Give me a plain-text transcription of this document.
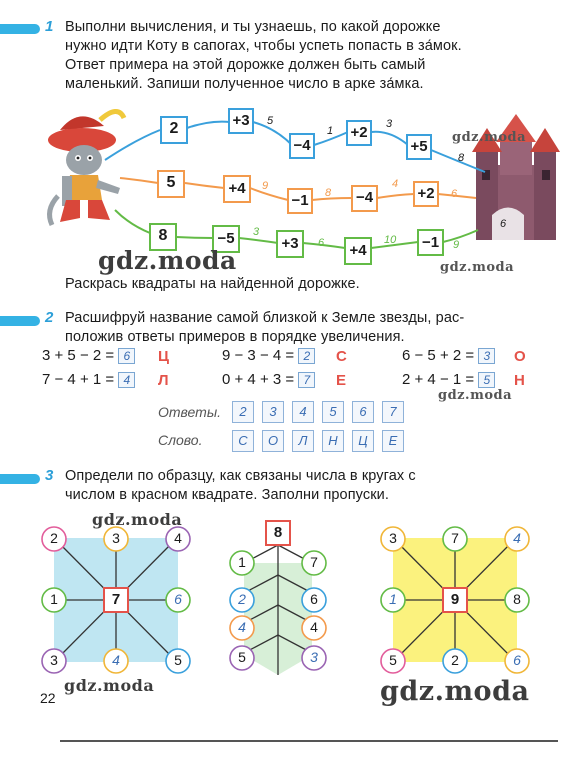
1 Выполни вычисления, и ты узнаешь, по какой дорожке
нужно идти Коту в сапогах, чтобы успеть попасть в за́мок.
Ответ примера на этой дорожке должен быть самый
маленький. Запиши полученное число в арке за́мка.
2	+3
−4
+2
+5
5
1
3
8
5	+4
−1	−4	+2
9
8
4
6
8	−5	+3	+4	−1
3
6	10	9
6
Раскрась квадраты на найденной дорожке.
gdz.moda
gdz.moda	gdz.moda
2 Расшифруй название самой близкой к Земле звезды, рас-
положив ответы примеров в порядке увеличения.
3 + 5 − 2 = 6	Ц	9 − 3 − 4 = 2	С	6 − 5 + 2 = 3	О
7 − 4 + 1 = 4	Л	0 + 4 + 3 = 7	Е	2 + 4 − 1 = 5	Н
gdz.moda
Ответы.	2	3	4	5	6	7
Слово.	С	О	Л	Н	Ц	Е
3 Определи по образцу, как связаны числа в кругах с
числом в красном квадрате. Заполни пропуски.
7
2	3	4
1	6
3	4	5
8
1
2
4
5
7
6
4
3
9
3	7	4
1	8
5	2	6
gdz.moda
gdz.moda	gdz.moda
22
